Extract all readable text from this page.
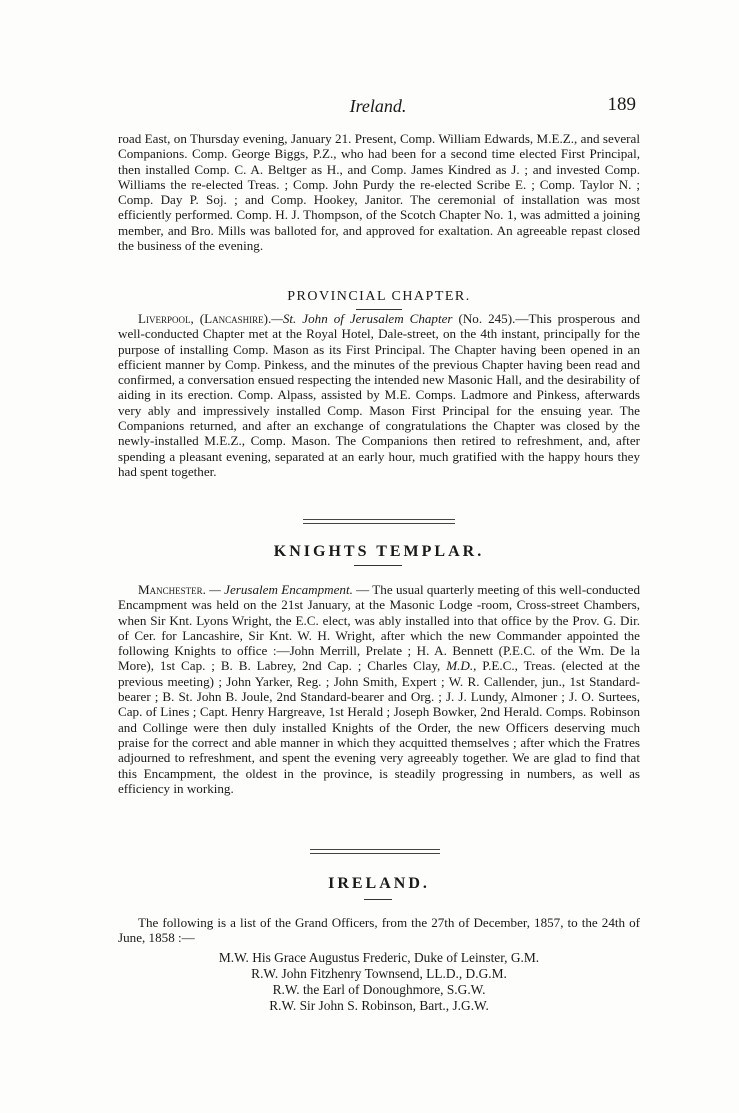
Ireland.	189
road East, on Thursday evening, January 21. Present, Comp. William Edwards, M.E.Z., and several Companions. Comp. George Biggs, P.Z., who had been for a second time elected First Principal, then installed Comp. C. A. Beltger as H., and Comp. James Kindred as J. ; and invested Comp. Williams the re-elected Treas. ; Comp. John Purdy the re-elected Scribe E. ; Comp. Taylor N. ; Comp. Day P. Soj. ; and Comp. Hookey, Janitor. The ceremonial of installation was most efficiently performed. Comp. H. J. Thompson, of the Scotch Chapter No. 1, was admitted a joining member, and Bro. Mills was balloted for, and approved for exaltation. An agreeable repast closed the business of the evening.
PROVINCIAL CHAPTER.
Liverpool, (Lancashire).—St. John of Jerusalem Chapter (No. 245).—This prosperous and well-conducted Chapter met at the Royal Hotel, Dale-street, on the 4th instant, principally for the purpose of installing Comp. Mason as its First Principal. The Chapter having been opened in an efficient manner by Comp. Pinkess, and the minutes of the previous Chapter having been read and confirmed, a conversation ensued respecting the intended new Masonic Hall, and the desirability of aiding in its erection. Comp. Alpass, assisted by M.E. Comps. Ladmore and Pinkess, afterwards very ably and impressively installed Comp. Mason First Principal for the ensuing year. The Companions returned, and after an exchange of congratulations the Chapter was closed by the newly-installed M.E.Z., Comp. Mason. The Companions then retired to refreshment, and, after spending a pleasant evening, separated at an early hour, much gratified with the happy hours they had spent together.
KNIGHTS TEMPLAR.
Manchester. — Jerusalem Encampment. — The usual quarterly meeting of this well-conducted Encampment was held on the 21st January, at the Masonic Lodge -room, Cross-street Chambers, when Sir Knt. Lyons Wright, the E.C. elect, was ably installed into that office by the Prov. G. Dir. of Cer. for Lancashire, Sir Knt. W. H. Wright, after which the new Commander appointed the following Knights to office :—John Merrill, Prelate ; H. A. Bennett (P.E.C. of the Wm. De la More), 1st Cap. ; B. B. Labrey, 2nd Cap. ; Charles Clay, M.D., P.E.C., Treas. (elected at the previous meeting) ; John Yarker, Reg. ; John Smith, Expert ; W. R. Callender, jun., 1st Standard-bearer ; B. St. John B. Joule, 2nd Standard-bearer and Org. ; J. J. Lundy, Almoner ; J. O. Surtees, Cap. of Lines ; Capt. Henry Hargreave, 1st Herald ; Joseph Bowker, 2nd Herald. Comps. Robinson and Collinge were then duly installed Knights of the Order, the new Officers deserving much praise for the correct and able manner in which they acquitted themselves ; after which the Fratres adjourned to refreshment, and spent the evening very agreeably together. We are glad to find that this Encampment, the oldest in the province, is steadily progressing in numbers, as well as efficiency in working.
IRELAND.
The following is a list of the Grand Officers, from the 27th of December, 1857, to the 24th of June, 1858 :—
M.W. His Grace Augustus Frederic, Duke of Leinster, G.M.
R.W. John Fitzhenry Townsend, LL.D., D.G.M.
R.W. the Earl of Donoughmore, S.G.W.
R.W. Sir John S. Robinson, Bart., J.G.W.
